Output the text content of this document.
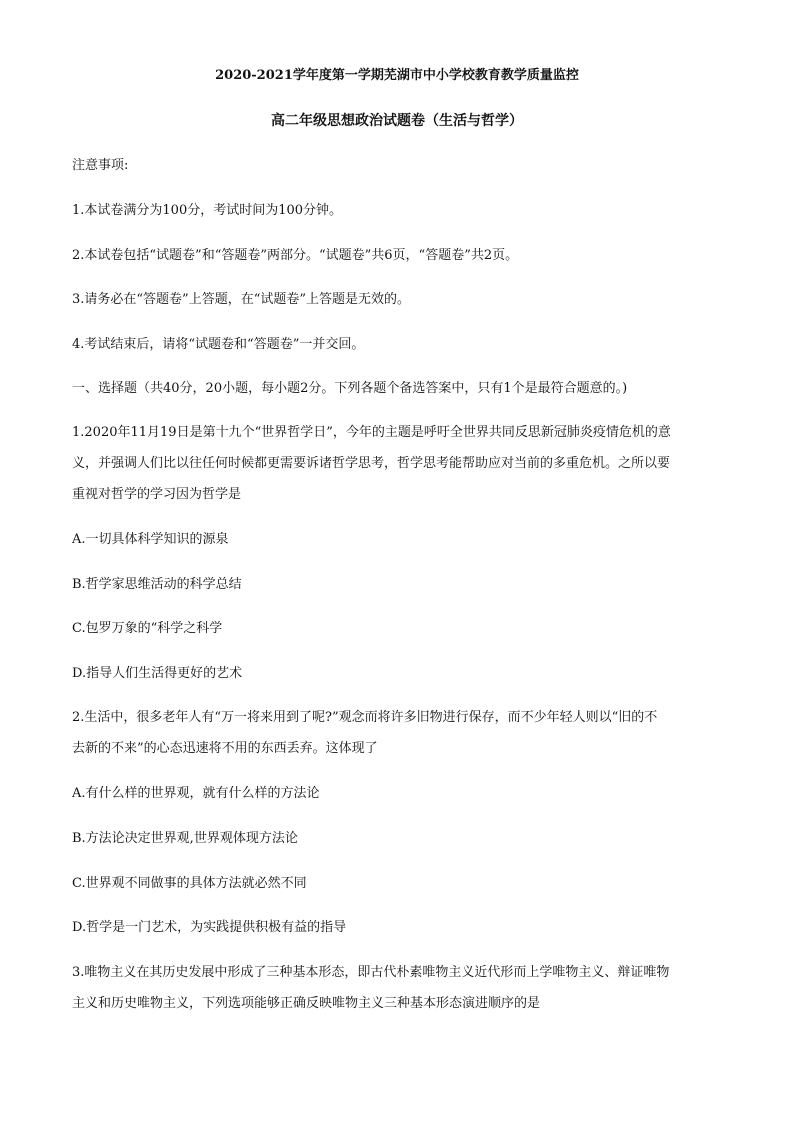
2020-2021学年度第一学期芜湖市中小学校教育教学质量监控
高二年级思想政治试题卷（生活与哲学）
注意事项:
1.本试卷满分为100分，考试时间为100分钟。
2.本试卷包括“试题卷”和“答题卷”两部分。“试题卷”共6页，“答题卷”共2页。
3.请务必在“答题卷”上答题，在“试题卷”上答题是无效的。
4.考试结束后，请将“试题卷和“答题卷”一并交回。
一、选择题（共40分，20小题，每小题2分。下列各题个备选答案中，只有1个是最符合题意的。)
1.2020年11月19日是第十九个“世界哲学日”，今年的主题是呼吁全世界共同反思新冠肺炎疫情危机的意
义，并强调人们比以往任何时候都更需要诉诸哲学思考，哲学思考能帮助应对当前的多重危机。之所以要
重视对哲学的学习因为哲学是
A.一切具体科学知识的源泉
B.哲学家思维活动的科学总结
C.包罗万象的“科学之科学
D.指导人们生活得更好的艺术
2.生活中，很多老年人有“万一将来用到了呢?”观念而将许多旧物进行保存，而不少年轻人则以“旧的不
去新的不来”的心态迅速将不用的东西丢弃。这体现了
A.有什么样的世界观，就有什么样的方法论
B.方法论决定世界观,世界观体现方法论
C.世界观不同做事的具体方法就必然不同
D.哲学是一门艺术，为实践提供积极有益的指导
3.唯物主义在其历史发展中形成了三种基本形态，即古代朴素唯物主义近代形而上学唯物主义、辩证唯物
主义和历史唯物主义，下列选项能够正确反映唯物主义三种基本形态演进顺序的是
